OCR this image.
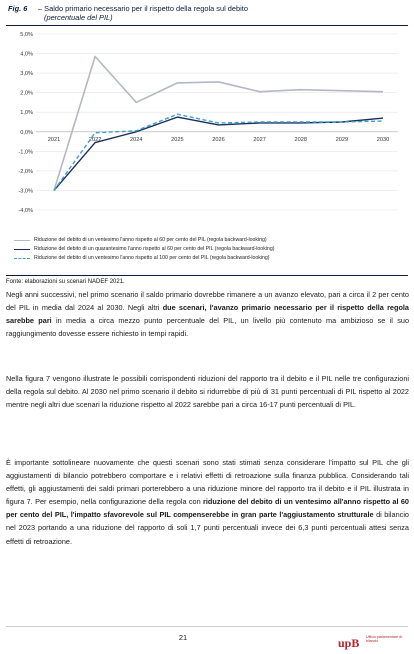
Fig. 6 – Saldo primario necessario per il rispetto della regola sul debito
(percentuale del PIL)
5,0%
4,0%
3,0%
2,0%
1,0%
0,0%
-1,0%
-2,0%
-3,0%
-4,0%
2021	2022	2024	2025	2026	2027	2028	2029	2030
Riduzione del debito di un ventesimo l'anno rispetto al 60 per cento del PIL (regola backward-looking)
Riduzione del debito di un quarantesimo l'anno rispetto al 60 per cento del PIL (regola backward-looking)
Riduzione del debito di un ventesimo l'anno rispetto al 100 per cento del PIL (regola backward-looking)
Fonte: elaborazioni su scenari NADEF 2021.

Negli anni successivi, nel primo scenario il saldo primario dovrebbe rimanere a un avanzo elevato, pari a circa il 2 per cento del PIL in media dal 2024 al 2030. Negli altri due scenari, l'avanzo primario necessario per il rispetto della regola sarebbe pari in media a circa mezzo punto percentuale del PIL, un livello più contenuto ma ambizioso se il suo raggiungimento dovesse essere richiesto in tempi rapidi.

Nella figura 7 vengono illustrate le possibili corrispondenti riduzioni del rapporto tra il debito e il PIL nelle tre configurazioni della regola sul debito. Al 2030 nel primo scenario il debito si ridurrebbe di più di 31 punti percentuali di PIL rispetto al 2022 mentre negli altri due scenari la riduzione rispetto al 2022 sarebbe pari a circa 16-17 punti percentuali di PIL.

È importante sottolineare nuovamente che questi scenari sono stati stimati senza considerare l'impatto sul PIL che gli aggiustamenti di bilancio potrebbero comportare e i relativi effetti di retroazione sulla finanza pubblica. Considerando tali effetti, gli aggiustamenti dei saldi primari porterebbero a una riduzione minore del rapporto tra il debito e il PIL illustrata in figura 7. Per esempio, nella configurazione della regola con riduzione del debito di un ventesimo all'anno rispetto al 60 per cento del PIL, l'impatto sfavorevole sul PIL compenserebbe in gran parte l'aggiustamento strutturale di bilancio nel 2023 portando a una riduzione del rapporto di soli 1,7 punti percentuali invece dei 6,3 punti percentuali attesi senza effetti di retroazione.

21	upB Ufficio parlamentare di bilancio
